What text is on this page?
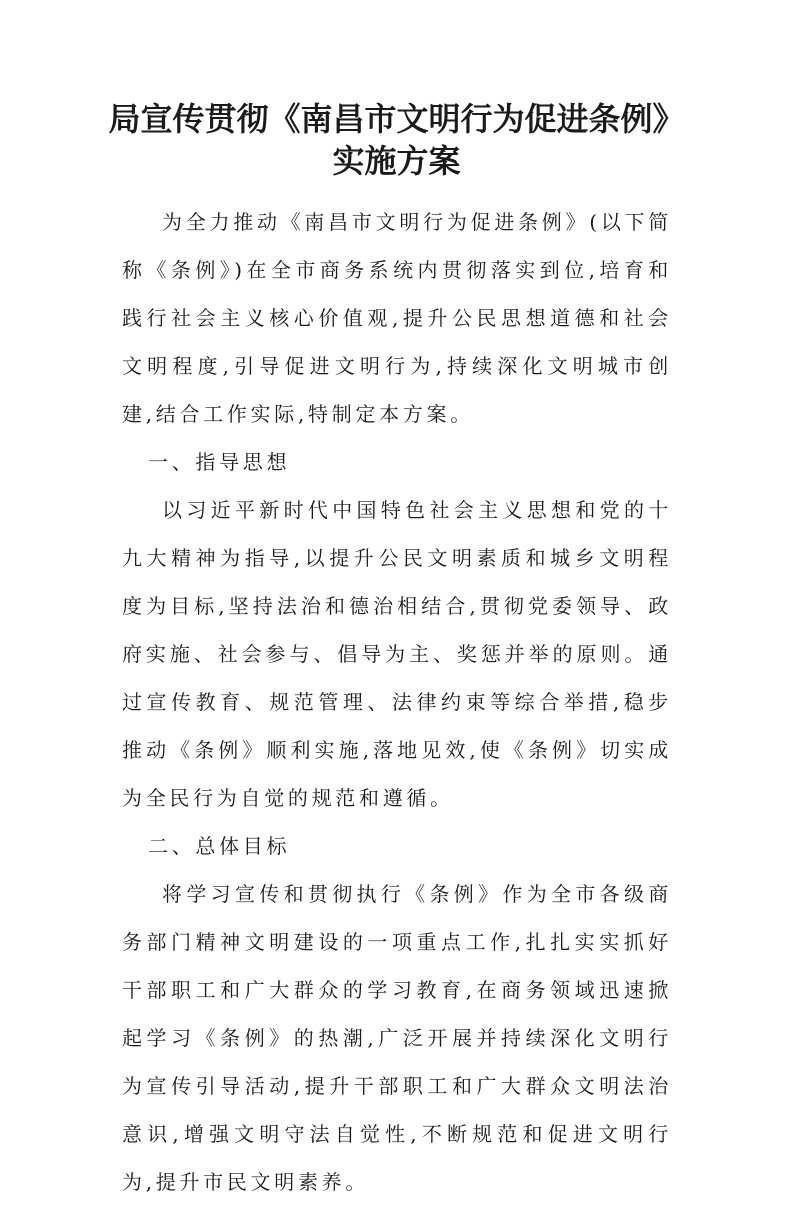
局宣传贯彻《南昌市文明行为促进条例》
实施方案

为全力推动《南昌市文明行为促进条例》(以下简称《条例》)在全市商务系统内贯彻落实到位,培育和践行社会主义核心价值观,提升公民思想道德和社会文明程度,引导促进文明行为,持续深化文明城市创建,结合工作实际,特制定本方案。

一、指导思想

以习近平新时代中国特色社会主义思想和党的十九大精神为指导,以提升公民文明素质和城乡文明程度为目标,坚持法治和德治相结合,贯彻党委领导、政府实施、社会参与、倡导为主、奖惩并举的原则。通过宣传教育、规范管理、法律约束等综合举措,稳步推动《条例》顺利实施,落地见效,使《条例》切实成为全民行为自觉的规范和遵循。

二、总体目标

将学习宣传和贯彻执行《条例》作为全市各级商务部门精神文明建设的一项重点工作,扎扎实实抓好干部职工和广大群众的学习教育,在商务领域迅速掀起学习《条例》的热潮,广泛开展并持续深化文明行为宣传引导活动,提升干部职工和广大群众文明法治意识,增强文明守法自觉性,不断规范和促进文明行为,提升市民文明素养。
